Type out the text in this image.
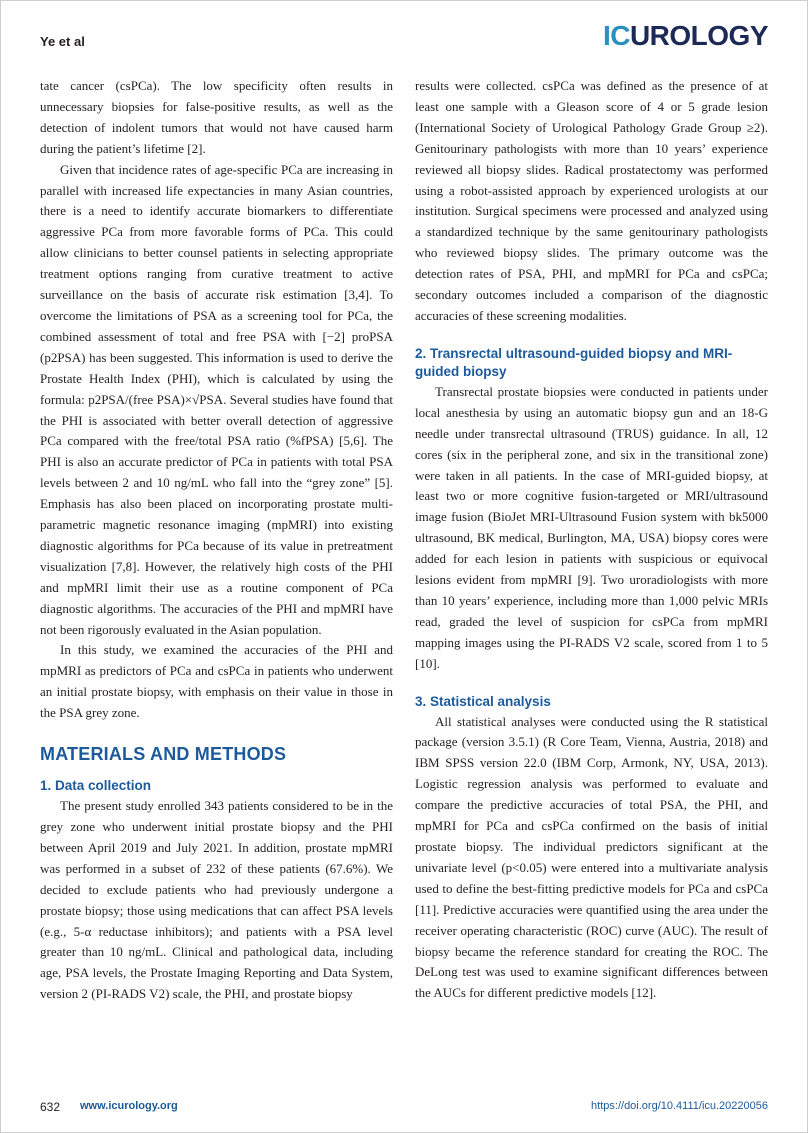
Ye et al	ICUROLOGY

tate cancer (csPCa). The low specificity often results in unnecessary biopsies for false-positive results, as well as the detection of indolent tumors that would not have caused harm during the patient’s lifetime [2].

Given that incidence rates of age-specific PCa are increasing in parallel with increased life expectancies in many Asian countries, there is a need to identify accurate biomarkers to differentiate aggressive PCa from more favorable forms of PCa. This could allow clinicians to better counsel patients in selecting appropriate treatment options ranging from curative treatment to active surveillance on the basis of accurate risk estimation [3,4]. To overcome the limitations of PSA as a screening tool for PCa, the combined assessment of total and free PSA with [−2] proPSA (p2PSA) has been suggested. This information is used to derive the Prostate Health Index (PHI), which is calculated by using the formula: p2PSA/(free PSA)×√PSA. Several studies have found that the PHI is associated with better overall detection of aggressive PCa compared with the free/total PSA ratio (%fPSA) [5,6]. The PHI is also an accurate predictor of PCa in patients with total PSA levels between 2 and 10 ng/mL who fall into the “grey zone” [5]. Emphasis has also been placed on incorporating prostate multi-parametric magnetic resonance imaging (mpMRI) into existing diagnostic algorithms for PCa because of its value in pretreatment visualization [7,8]. However, the relatively high costs of the PHI and mpMRI limit their use as a routine component of PCa diagnostic algorithms. The accuracies of the PHI and mpMRI have not been rigorously evaluated in the Asian population.

In this study, we examined the accuracies of the PHI and mpMRI as predictors of PCa and csPCa in patients who underwent an initial prostate biopsy, with emphasis on their value in those in the PSA grey zone.

MATERIALS AND METHODS
1. Data collection

The present study enrolled 343 patients considered to be in the grey zone who underwent initial prostate biopsy and the PHI between April 2019 and July 2021. In addition, prostate mpMRI was performed in a subset of 232 of these patients (67.6%). We decided to exclude patients who had previously undergone a prostate biopsy; those using medications that can affect PSA levels (e.g., 5-α reductase inhibitors); and patients with a PSA level greater than 10 ng/mL. Clinical and pathological data, including age, PSA levels, the Prostate Imaging Reporting and Data System, version 2 (PI-RADS V2) scale, the PHI, and prostate biopsy

results were collected. csPCa was defined as the presence of at least one sample with a Gleason score of 4 or 5 grade lesion (International Society of Urological Pathology Grade Group ≥2). Genitourinary pathologists with more than 10 years’ experience reviewed all biopsy slides. Radical prostatectomy was performed using a robot-assisted approach by experienced urologists at our institution. Surgical specimens were processed and analyzed using a standardized technique by the same genitourinary pathologists who reviewed biopsy slides. The primary outcome was the detection rates of PSA, PHI, and mpMRI for PCa and csPCa; secondary outcomes included a comparison of the diagnostic accuracies of these screening modalities.

2. Transrectal ultrasound-guided biopsy and MRI-guided biopsy

Transrectal prostate biopsies were conducted in patients under local anesthesia by using an automatic biopsy gun and an 18-G needle under transrectal ultrasound (TRUS) guidance. In all, 12 cores (six in the peripheral zone, and six in the transitional zone) were taken in all patients. In the case of MRI-guided biopsy, at least two or more cognitive fusion-targeted or MRI/ultrasound image fusion (BioJet MRI-Ultrasound Fusion system with bk5000 ultrasound, BK medical, Burlington, MA, USA) biopsy cores were added for each lesion in patients with suspicious or equivocal lesions evident from mpMRI [9]. Two uroradiologists with more than 10 years’ experience, including more than 1,000 pelvic MRIs read, graded the level of suspicion for csPCa from mpMRI mapping images using the PI-RADS V2 scale, scored from 1 to 5 [10].

3. Statistical analysis

All statistical analyses were conducted using the R statistical package (version 3.5.1) (R Core Team, Vienna, Austria, 2018) and IBM SPSS version 22.0 (IBM Corp, Armonk, NY, USA, 2013). Logistic regression analysis was performed to evaluate and compare the predictive accuracies of total PSA, the PHI, and mpMRI for PCa and csPCa confirmed on the basis of initial prostate biopsy. The individual predictors significant at the univariate level (p<0.05) were entered into a multivariate analysis used to define the best-fitting predictive models for PCa and csPCa [11]. Predictive accuracies were quantified using the area under the receiver operating characteristic (ROC) curve (AUC). The result of biopsy became the reference standard for creating the ROC. The DeLong test was used to examine significant differences between the AUCs for different predictive models [12].

632 www.icurology.org	https://doi.org/10.4111/icu.20220056
